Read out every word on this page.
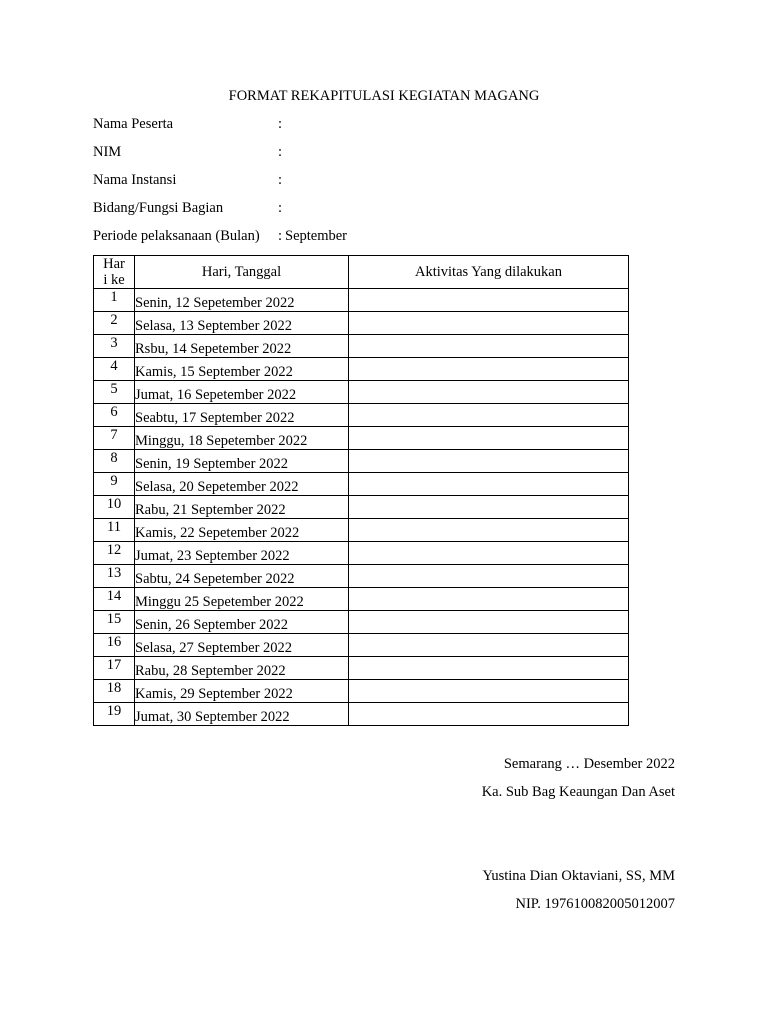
FORMAT REKAPITULASI KEGIATAN MAGANG
Nama Peserta	:
NIM	:
Nama Instansi	:
Bidang/Fungsi Bagian	:
Periode pelaksanaan (Bulan) : September
Har
i ke	Hari, Tanggal	Aktivitas Yang dilakukan
1	Senin, 12 Sepetember 2022	
2	Selasa, 13 September 2022	
3	Rsbu, 14 Sepetember 2022	
4	Kamis, 15 September 2022	
5	Jumat, 16 Sepetember 2022	
6	Seabtu, 17 September 2022	
7	Minggu, 18 Sepetember 2022	
8	Senin, 19 September 2022	
9	Selasa, 20 Sepetember 2022	
10	Rabu, 21 September 2022	
11	Kamis, 22 Sepetember 2022	
12	Jumat, 23 September 2022	
13	Sabtu, 24 Sepetember 2022	
14	Minggu 25 Sepetember 2022	
15	Senin, 26 September 2022	
16	Selasa, 27 September 2022	
17	Rabu, 28 September 2022	
18	Kamis, 29 September 2022	
19	Jumat, 30 September 2022	
Semarang … Desember 2022
Ka. Sub Bag Keaungan Dan Aset
Yustina Dian Oktaviani, SS, MM
NIP. 197610082005012007
